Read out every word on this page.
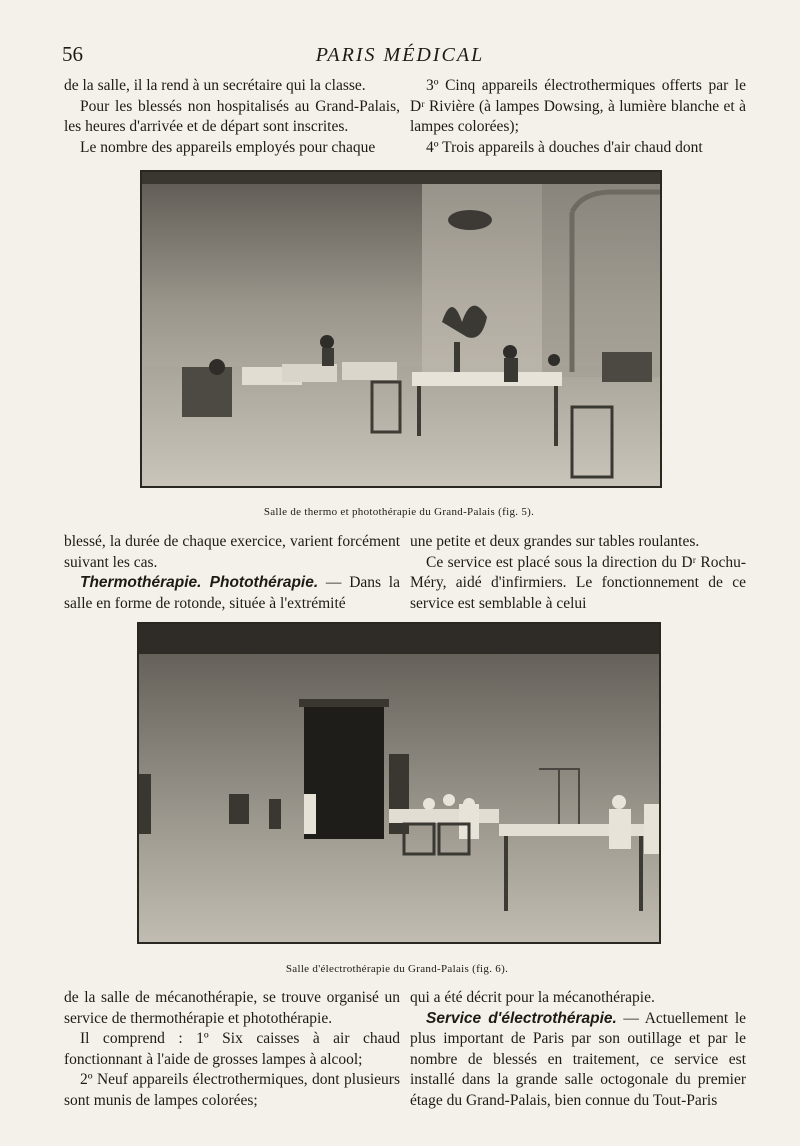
56	PARIS MÉDICAL

de la salle, il la rend à un secrétaire qui la classe.

Pour les blessés non hospitalisés au Grand-Palais, les heures d'arrivée et de départ sont inscrites.

Le nombre des appareils employés pour chaque

3º Cinq appareils électrothermiques offerts par le Dʳ Rivière (à lampes Dowsing, à lumière blanche et à lampes colorées);

4º Trois appareils à douches d'air chaud dont

Salle de thermo et photothérapie du Grand-Palais (fig. 5).

blessé, la durée de chaque exercice, varient forcément suivant les cas.

Thermothérapie. Photothérapie. — Dans la salle en forme de rotonde, située à l'extrémité

une petite et deux grandes sur tables roulantes.

Ce service est placé sous la direction du Dʳ Rochu-Méry, aidé d'infirmiers. Le fonctionnement de ce service est semblable à celui

Salle d'électrothérapie du Grand-Palais (fig. 6).

de la salle de mécanothérapie, se trouve organisé un service de thermothérapie et photothérapie.

Il comprend : 1º Six caisses à air chaud fonctionnant à l'aide de grosses lampes à alcool;

2º Neuf appareils électrothermiques, dont plusieurs sont munis de lampes colorées;

qui a été décrit pour la mécanothérapie.

Service d'électrothérapie. — Actuellement le plus important de Paris par son outillage et par le nombre de blessés en traitement, ce service est installé dans la grande salle octogonale du premier étage du Grand-Palais, bien connue du Tout-Paris
